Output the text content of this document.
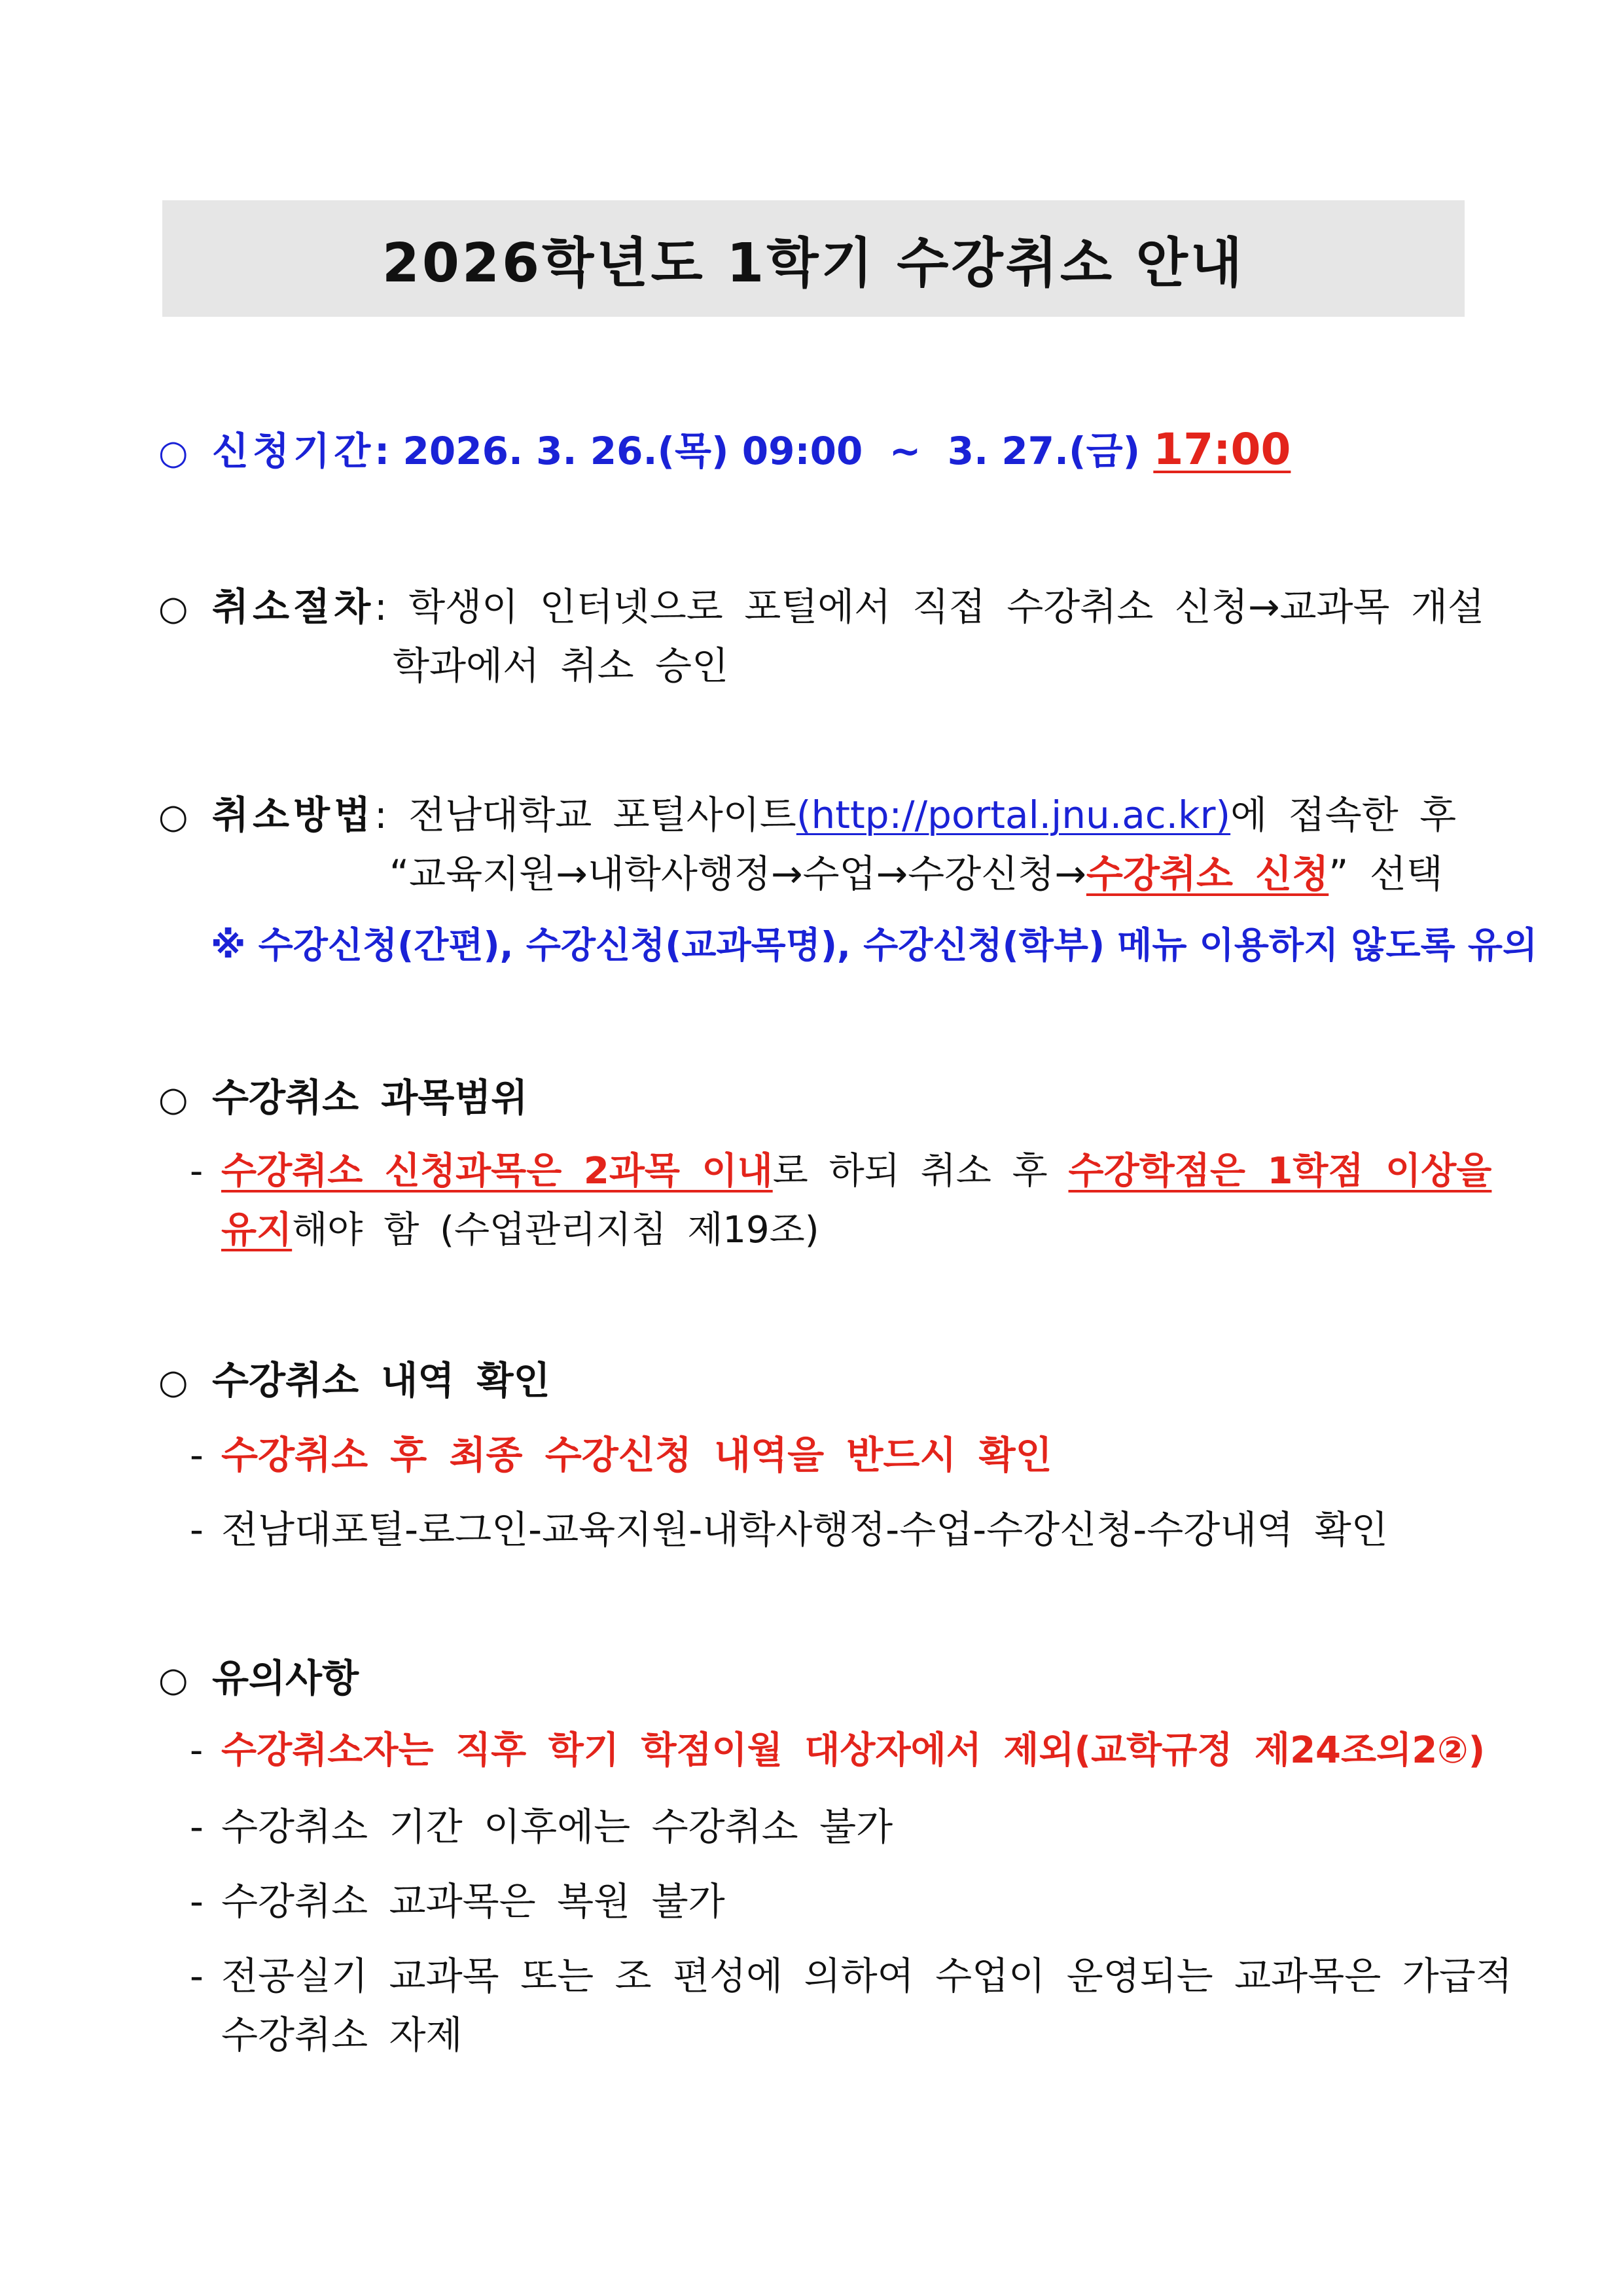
2026학년도 1학기 수강취소 안내
○ 신청기간: 2026. 3. 26.(목) 09:00  ~  3. 27.(금) 17:00
○ 취소절차: 학생이 인터넷으로 포털에서 직접 수강취소 신청→교과목 개설
학과에서 취소 승인
○ 취소방법: 전남대학교 포털사이트(http://portal.jnu.ac.kr)에 접속한 후
“교육지원→내학사행정→수업→수강신청→수강취소 신청” 선택
※ 수강신청(간편), 수강신청(교과목명), 수강신청(학부) 메뉴 이용하지 않도록 유의
○ 수강취소 과목범위
- 수강취소 신청과목은 2과목 이내로 하되 취소 후 수강학점은 1학점 이상을
유지해야 함 (수업관리지침 제19조)
○ 수강취소 내역 확인
- 수강취소 후 최종 수강신청 내역을 반드시 확인
- 전남대포털-로그인-교육지원-내학사행정-수업-수강신청-수강내역 확인
○ 유의사항
- 수강취소자는 직후 학기 학점이월 대상자에서 제외(교학규정 제24조의2②)
- 수강취소 기간 이후에는 수강취소 불가
- 수강취소 교과목은 복원 불가
- 전공실기 교과목 또는 조 편성에 의하여 수업이 운영되는 교과목은 가급적
수강취소 자제
